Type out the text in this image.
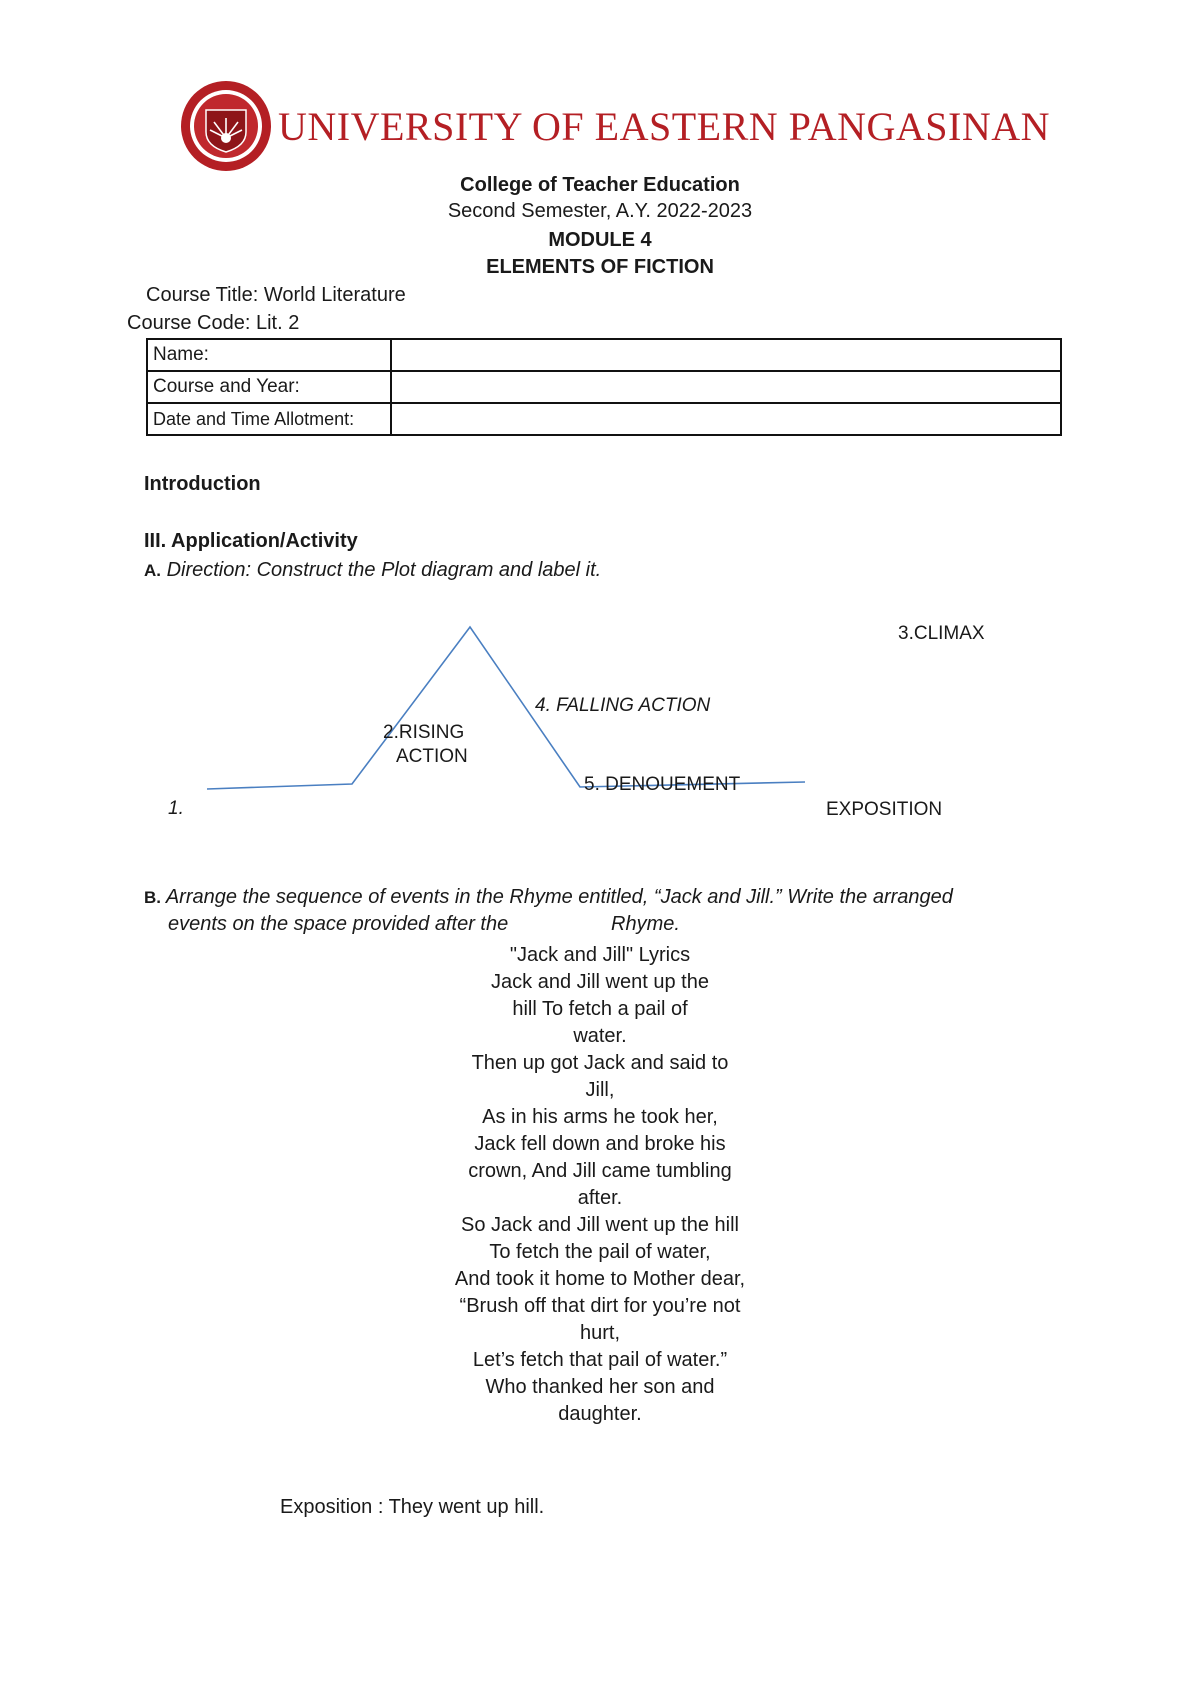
UNIVERSITY OF EASTERN PANGASINAN
College of Teacher Education
Second Semester, A.Y. 2022-2023
MODULE 4
ELEMENTS OF FICTION
Course Title: World Literature
Course Code: Lit. 2
Name:	
Course and Year:	
Date and Time Allotment:	
Introduction
III. Application/Activity
A. Direction: Construct the Plot diagram and label it.
3.CLIMAX
4. FALLING ACTION
2.RISING
ACTION
5. DENOUEMENT
1.	EXPOSITION
B. Arrange the sequence of events in the Rhyme entitled, “Jack and Jill.” Write the arranged
events on the space provided after the	Rhyme.
"Jack and Jill" Lyrics
Jack and Jill went up the
hill To fetch a pail of
water.
Then up got Jack and said to
Jill,
As in his arms he took her,
Jack fell down and broke his
crown, And Jill came tumbling
after.
So Jack and Jill went up the hill
To fetch the pail of water,
And took it home to Mother dear,
“Brush off that dirt for you’re not
hurt,
Let’s fetch that pail of water.”
Who thanked her son and
daughter.
Exposition : They went up hill.
